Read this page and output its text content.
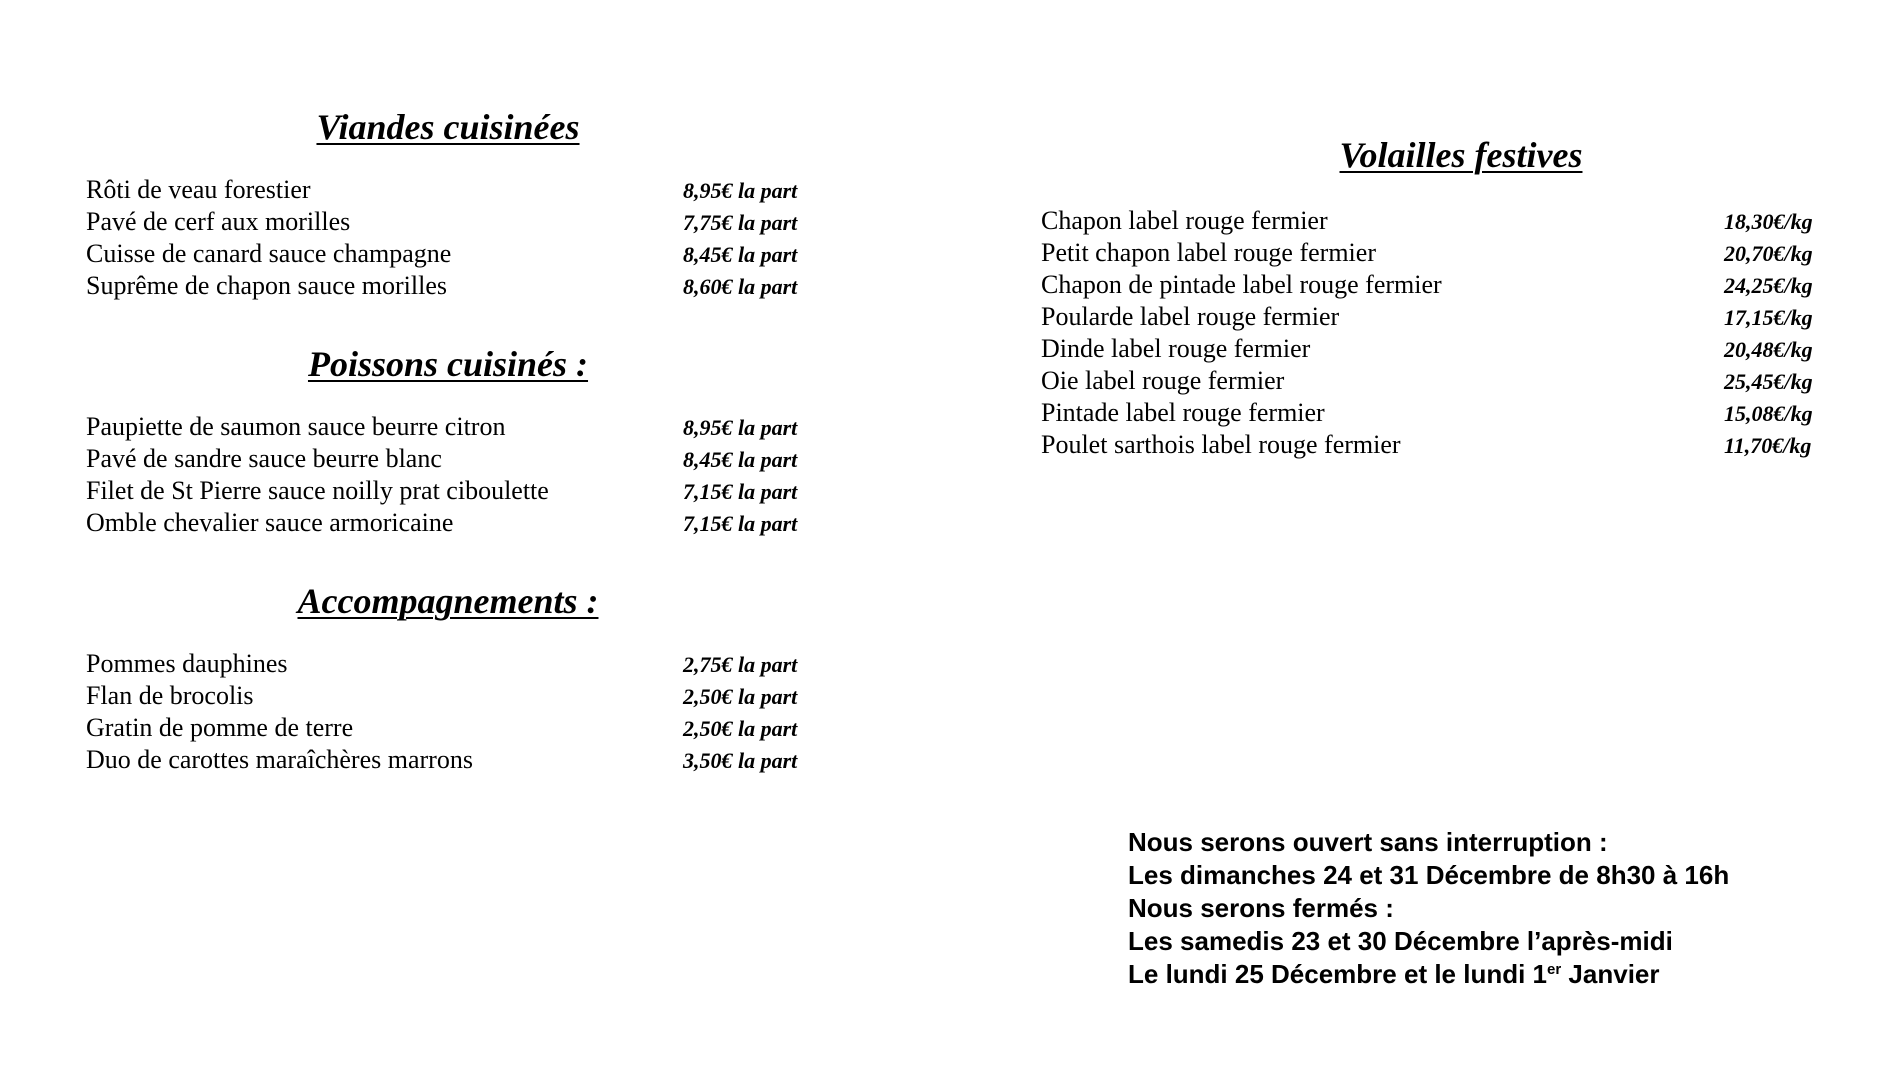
Viandes cuisinées
Rôti de veau forestier	8,95€ la part
Pavé de cerf aux morilles	7,75€ la part
Cuisse de canard sauce champagne	8,45€ la part
Suprême de chapon sauce morilles	8,60€ la part
Poissons cuisinés :
Paupiette de saumon sauce beurre citron	8,95€ la part
Pavé de sandre sauce beurre blanc	8,45€ la part
Filet de St Pierre sauce noilly prat ciboulette	7,15€ la part
Omble chevalier sauce armoricaine	7,15€ la part
Accompagnements :
Pommes dauphines	2,75€ la part
Flan de brocolis	2,50€ la part
Gratin de pomme de terre	2,50€ la part
Duo de carottes maraîchères marrons	3,50€ la part
Volailles festives
Chapon label rouge fermier	18,30€/kg
Petit chapon label rouge fermier	20,70€/kg
Chapon de pintade label rouge fermier	24,25€/kg
Poularde label rouge fermier	17,15€/kg
Dinde label rouge fermier	20,48€/kg
Oie label rouge fermier	25,45€/kg
Pintade label rouge fermier	15,08€/kg
Poulet sarthois label rouge fermier	11,70€/kg
Nous serons ouvert sans interruption :
Les dimanches 24 et 31 Décembre de 8h30 à 16h
Nous serons fermés :
Les samedis 23 et 30 Décembre l’après-midi
Le lundi 25 Décembre et le lundi 1er Janvier
